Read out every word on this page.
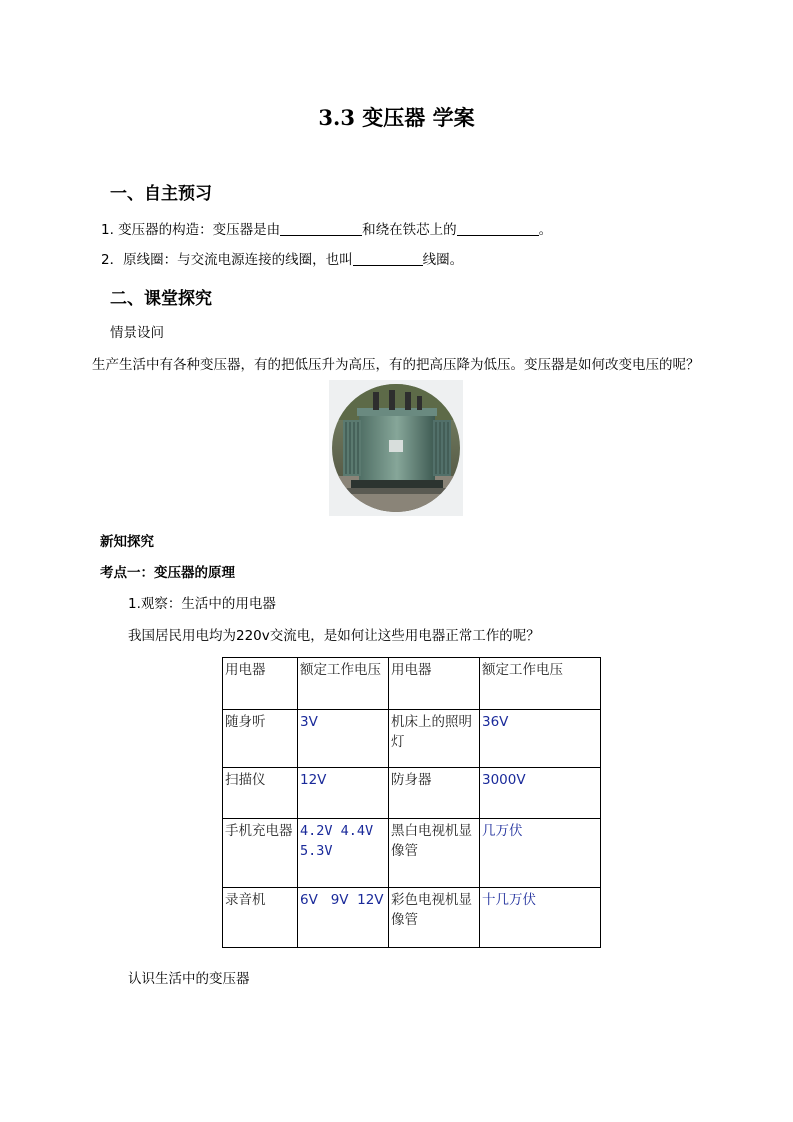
3.3 变压器 学案
一、自主预习
1. 变压器的构造：变压器是由	和绕在铁芯上的	。
2．原线圈：与交流电源连接的线圈，也叫	线圈。
二、课堂探究
情景设问
生产生活中有各种变压器，有的把低压升为高压，有的把高压降为低压。变压器是如何改变电压的呢？
新知探究
考点一：变压器的原理
1.观察：生活中的用电器
我国居民用电均为220v交流电，是如何让这些用电器正常工作的呢？
用电器	额定工作电压	用电器	额定工作电压
随身听	3V	机床上的照明灯	36V
扫描仪	12V	防身器	3000V
手机充电器	4.2V 4.4V 5.3V	黑白电视机显像管	几万伏
录音机	6V   9V  12V	彩色电视机显像管	十几万伏
认识生活中的变压器
